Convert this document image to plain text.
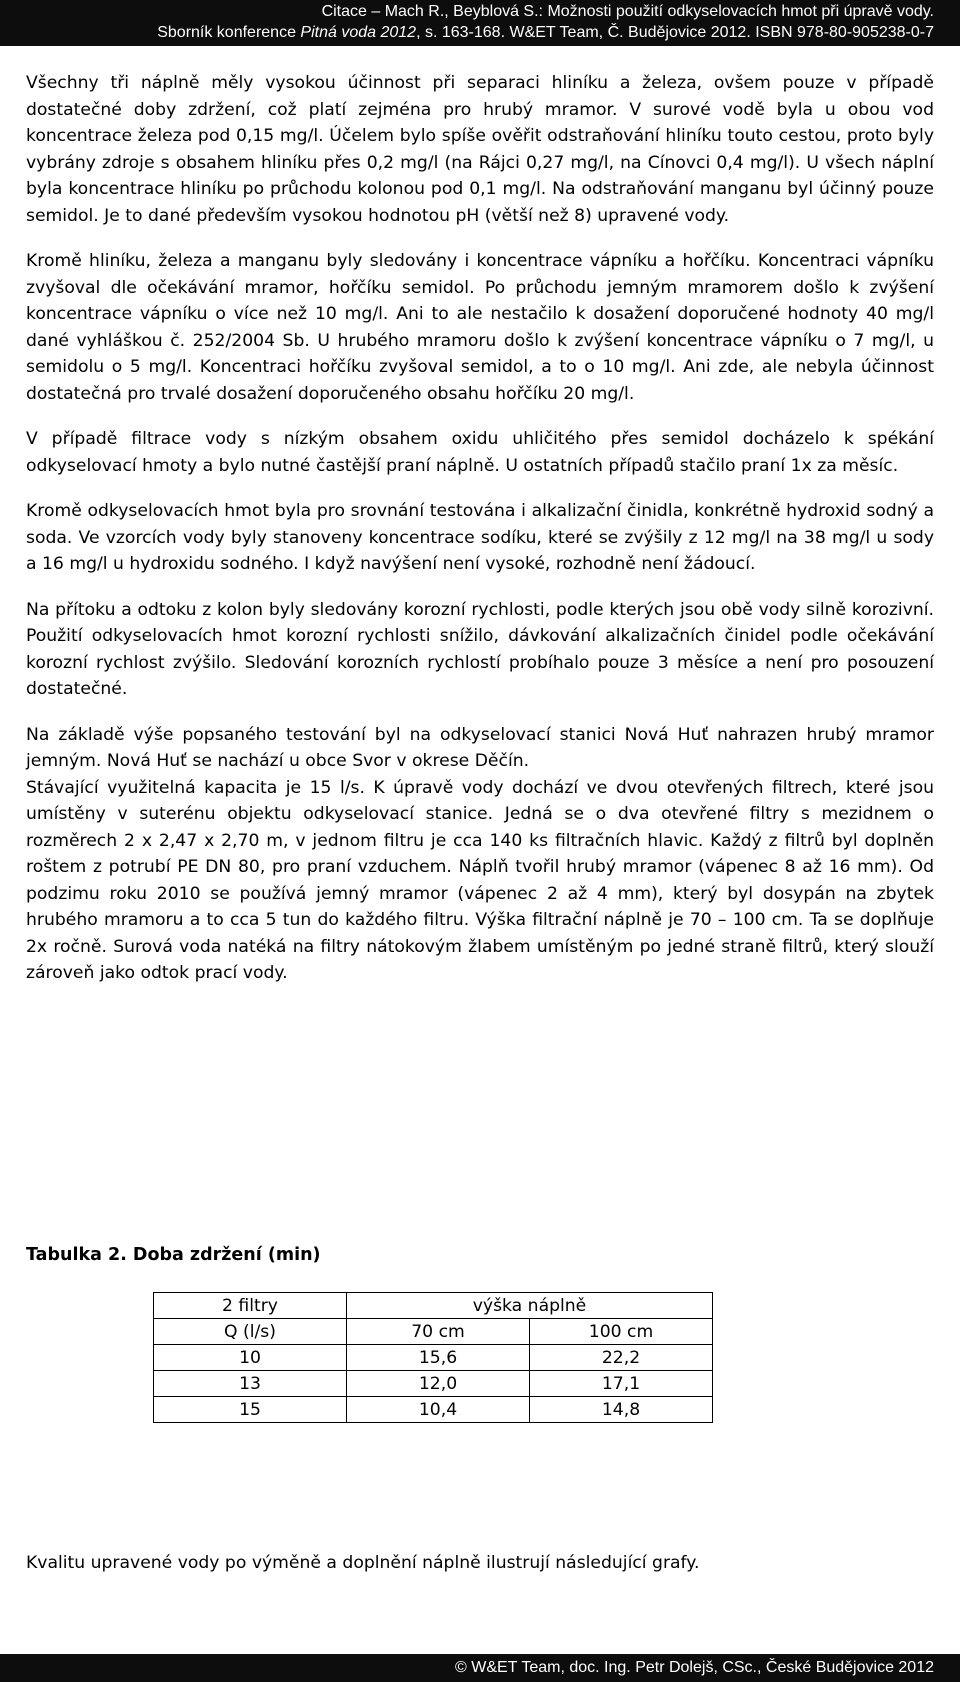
Citace – Mach R., Beyblová S.: Možnosti použití odkyselovacích hmot při úpravě vody.
Sborník konference Pitná voda 2012, s. 163-168. W&ET Team, Č. Budějovice 2012. ISBN 978-80-905238-0-7

Všechny tři náplně měly vysokou účinnost při separaci hliníku a železa, ovšem pouze v případě dostatečné doby zdržení, což platí zejména pro hrubý mramor. V surové vodě byla u obou vod koncentrace železa pod 0,15 mg/l. Účelem bylo spíše ověřit odstraňování hliníku touto cestou, proto byly vybrány zdroje s obsahem hliníku přes 0,2 mg/l (na Rájci 0,27 mg/l, na Cínovci 0,4 mg/l). U všech náplní byla koncentrace hliníku po průchodu kolonou pod 0,1 mg/l. Na odstraňování manganu byl účinný pouze semidol. Je to dané především vysokou hodnotou pH (větší než 8) upravené vody.

Kromě hliníku, železa a manganu byly sledovány i koncentrace vápníku a hořčíku. Koncentraci vápníku zvyšoval dle očekávání mramor, hořčíku semidol. Po průchodu jemným mramorem došlo k zvýšení koncentrace vápníku o více než 10 mg/l. Ani to ale nestačilo k dosažení doporučené hodnoty 40 mg/l dané vyhláškou č. 252/2004 Sb. U hrubého mramoru došlo k zvýšení koncentrace vápníku o 7 mg/l, u semidolu o 5 mg/l. Koncentraci hořčíku zvyšoval semidol, a to o 10 mg/l. Ani zde, ale nebyla účinnost dostatečná pro trvalé dosažení doporučeného obsahu hořčíku 20 mg/l.

V případě filtrace vody s nízkým obsahem oxidu uhličitého přes semidol docházelo k spékání odkyselovací hmoty a bylo nutné častější praní náplně. U ostatních případů stačilo praní 1x za měsíc.

Kromě odkyselovacích hmot byla pro srovnání testována i alkalizační činidla, konkrétně hydroxid sodný a soda. Ve vzorcích vody byly stanoveny koncentrace sodíku, které se zvýšily z 12 mg/l na 38 mg/l u sody a 16 mg/l u hydroxidu sodného. I když navýšení není vysoké, rozhodně není žádoucí.

Na přítoku a odtoku z kolon byly sledovány korozní rychlosti, podle kterých jsou obě vody silně korozivní. Použití odkyselovacích hmot korozní rychlosti snížilo, dávkování alkalizačních činidel podle očekávání korozní rychlost zvýšilo. Sledování korozních rychlostí probíhalo pouze 3 měsíce a není pro posouzení dostatečné.

Na základě výše popsaného testování byl na odkyselovací stanici Nová Huť nahrazen hrubý mramor jemným. Nová Huť se nachází u obce Svor v okrese Děčín.

Stávající využitelná kapacita je 15 l/s. K úpravě vody dochází ve dvou otevřených filtrech, které jsou umístěny v suterénu objektu odkyselovací stanice. Jedná se o dva otevřené filtry s mezidnem o rozměrech 2 x 2,47 x 2,70 m, v jednom filtru je cca 140 ks filtračních hlavic. Každý z filtrů byl doplněn roštem z potrubí PE DN 80, pro praní vzduchem. Náplň tvořil hrubý mramor (vápenec 8 až 16 mm). Od podzimu roku 2010 se používá jemný mramor (vápenec 2 až 4 mm), který byl dosypán na zbytek hrubého mramoru a to cca 5 tun do každého filtru. Výška filtrační náplně je 70 – 100 cm. Ta se doplňuje 2x ročně. Surová voda natéká na filtry nátokovým žlabem umístěným po jedné straně filtrů, který slouží zároveň jako odtok prací vody.

Tabulka 2. Doba zdržení (min)
2 filtry	výška náplně	
Q (l/s)	70 cm	100 cm
10	15,6	22,2
13	12,0	17,1
15	10,4	14,8
Kvalitu upravené vody po výměně a doplnění náplně ilustrují následující grafy.
© W&ET Team, doc. Ing. Petr Dolejš, CSc., České Budějovice 2012
